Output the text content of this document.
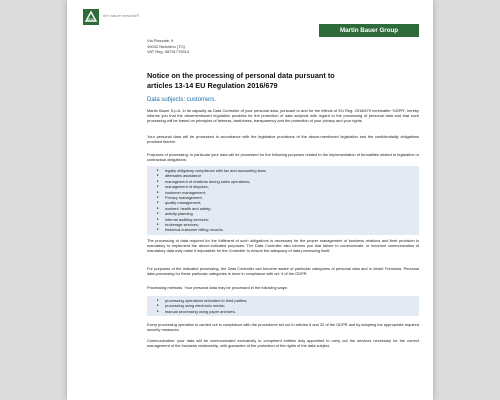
the nature network®
Martin Bauer Group
Via Piazzale, 9
10042 Nichelino (TO)
VAT Reg. 08791775014
Notice on the processing of personal data pursuant to articles 13-14 EU Regulation 2016/679
Data subjects: customers.
Martin Bauer S.p.A. in its capacity as Data Controller of your personal data, pursuant to and for the effects of EU Reg. 2016/679 hereinafter 'GDPR', hereby informs you that the aforementioned regulation provides for the protection of data subjects with regard to the processing of personal data and that such processing will be based on principles of fairness, lawfulness, transparency and the protection of your privacy and your rights.
Your personal data will be processed in accordance with the legislative provisions of the above-mentioned legislation and the confidentiality obligations provided therein.
Purposes of processing: in particular your data will be processed for the following purposes related to the implementation of formalities related to legislative or contractual obligations:
▸ legally obligatory compliance with tax and accounting laws;
▸ aftersales assistance
▸ management of relations during sales operations;
▸ management of disputes;
▸ customer management;
▸ Privacy management;
▸ quality management;
▸ workers' health and safety;
▸ activity planning
▸ internal auditing services;
▸ brokerage services;
▸ historical customer billing records.
The processing of data required for the fulfilment of such obligations is necessary for the proper management of business relations and their provision is mandatory to implement the above-indicated purposes. The Data Controller also informs you that failure to communicate, or incorrect communication of mandatory data may make it impossible for the Controller to ensure the adequacy of data processing itself.
For purposes of the indicated processing, the Data Controller can become aware of particular categories of personal data and in detail: Formulas. Personal data processing for these particular categories is done in compliance with art. 9 of the GDPR.
Processing methods. Your personal data may be processed in the following ways:
▸ processing operations entrusted to third parties;
▸ processing using electronic media;
▸ manual processing using paper archives.
Every processing operation is carried out in compliance with the procedures set out in articles 6 and 32 of the GDPR and by adopting the appropriate required security measures.
Communication: your data will be communicated exclusively to competent entities duly appointed to carry out the services necessary for the correct management of the business relationship, with guarantee of the protection of the rights of the data subject.
